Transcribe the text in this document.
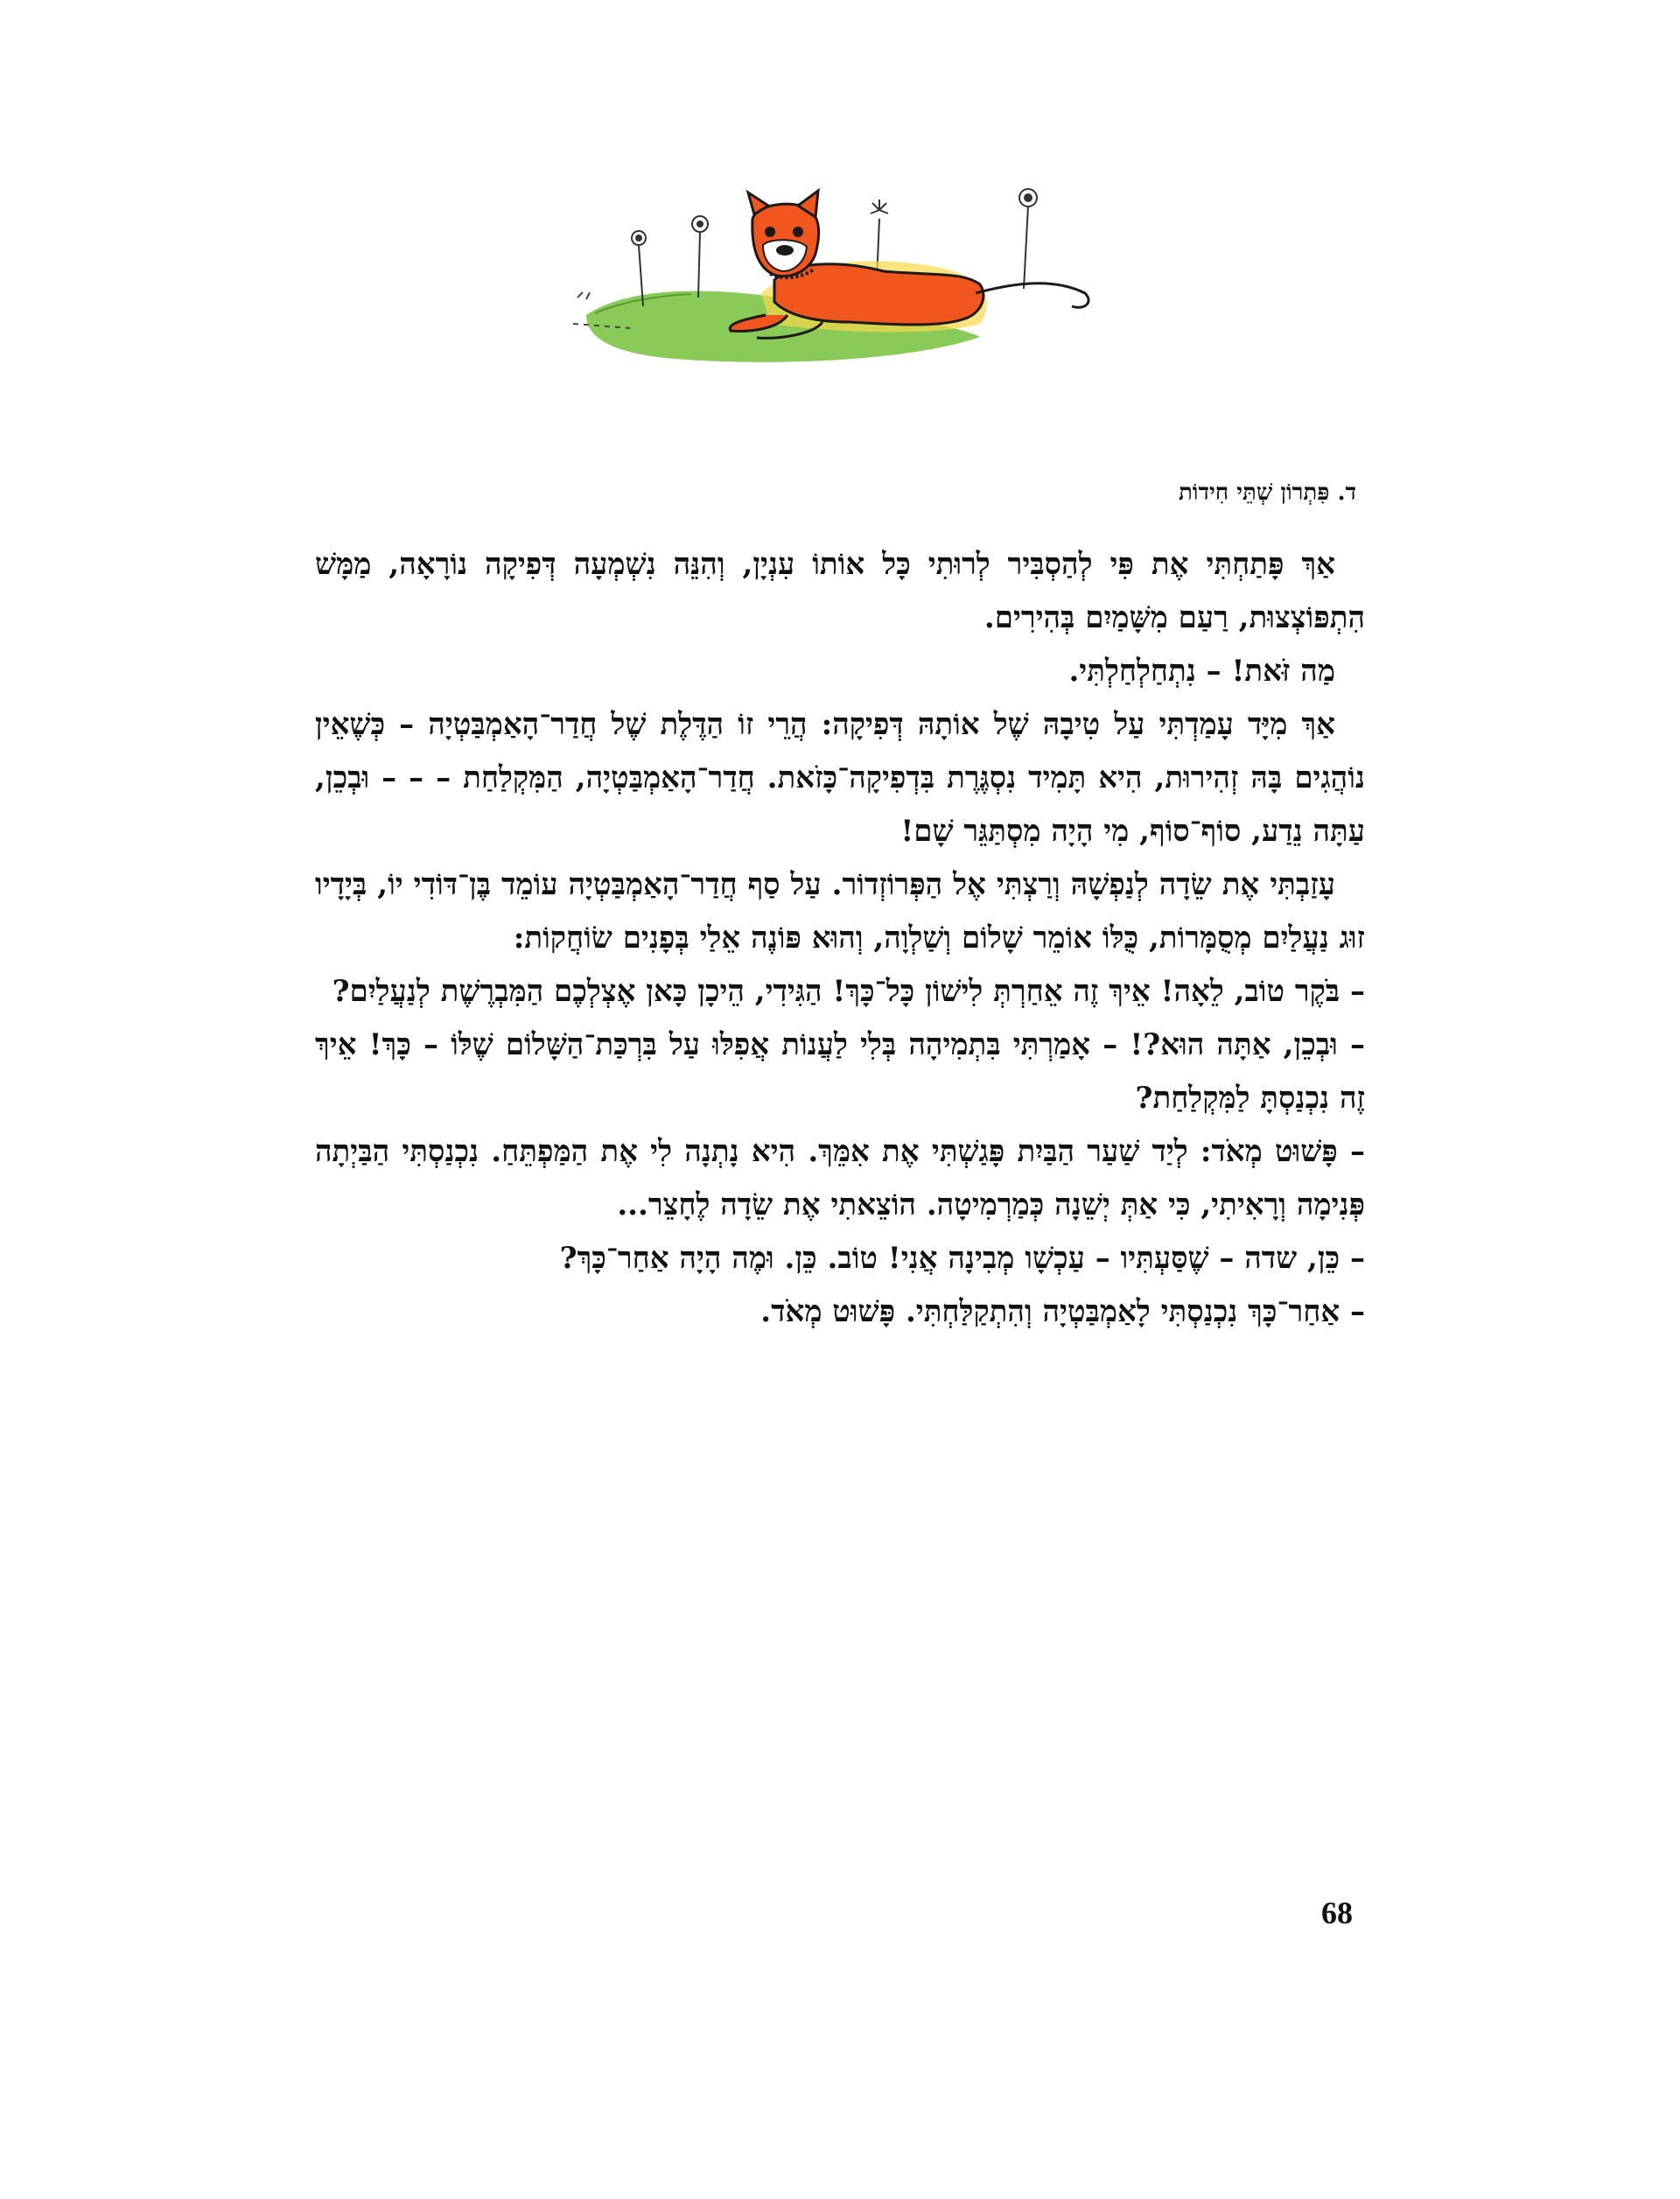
ד. פִּתְרוֹן שְׁתֵּי חִידוֹת

אַךְ פָּתַחְתִּי אֶת פִּי לְהַסְבִּיר לְרוּתִי כָּל אוֹתוֹ עִנְיָן, וְהִנֵּה נִשְׁמְעָה דְּפִיקָה נוֹרָאָה, מַמָּשׁ הִתְפּוֹצְצוּת, רַעַם מִשָּׁמַיִם בְּהִירִים.

מַה זֹּאת! – נִתְחַלְחַלְתִּי.

אַךְ מִיָּד עָמַדְתִּי עַל טִיבָהּ שֶׁל אוֹתָהּ דְּפִיקָה: הֲרֵי זוֹ הַדֶּלֶת שֶׁל חֲדַר־הָאַמְבַּטְיָה – כְּשֶׁאֵין נוֹהֲגִים בָּהּ זְהִירוּת, הִיא תָּמִיד נִסְגֶּרֶת בִּדְפִיקָה־כָּזֹאת. חֲדַר־הָאַמְבַּטְיָה, הַמִּקְלַחַת – – – וּבְכֵן, עַתָּה נֵדַע, סוֹף־סוֹף, מִי הָיָה מִסְתַּגֵּר שָׁם!

עָזַבְתִּי אֶת שֵׂדָה לְנַפְשָׁהּ וְרַצְתִּי אֶל הַפְּרוֹזְדוֹר. עַל סַף חֲדַר־הָאַמְבַּטְיָה עוֹמֵד בֶּן־דּוֹדִי יוֹ, בְּיָדָיו זוּג נַעֲלַיִם מְסֻמָּרוֹת, כֻּלּוֹ אוֹמֵר שָׁלוֹם וְשַׁלְוָה, וְהוּא פּוֹנֶה אֵלַי בְּפָנִים שׂוֹחֲקוֹת:

– בֹּקֶר טוֹב, לֵאָה! אֵיךְ זֶה אֵחַרְתְּ לִישׁוֹן כָּל־כָּךְ! הַגִּידִי, הֵיכָן כָּאן אֶצְלְכֶם הַמִּבְרֶשֶׁת לְנַעֲלַיִם?

– וּבְכֵן, אַתָּה הוּא?! – אָמַרְתִּי בִּתְמִיהָה בְּלִי לַעֲנוֹת אֲפִלּוּ עַל בִּרְכַּת־הַשָּׁלוֹם שֶׁלּוֹ – כָּךְ! אֵיךְ זֶה נִכְנַסְתָּ לַמִּקְלַחַת?

– פָּשׁוּט מְאֹד: לְיַד שַׁעַר הַבַּיִת פָּגַשְׁתִּי אֶת אִמֵּךְ. הִיא נָתְנָה לִי אֶת הַמַּפְתֵּחַ. נִכְנַסְתִּי הַבַּיְתָה פְּנִימָה וְרָאִיתִי, כִּי אַתְּ יְשֵׁנָה כְּמַרְמִיטָה. הוֹצֵאתִי אֶת שֵׂדָה לֶחָצֵר...

– כֵּן, שדה – שֶׁסַּעְתִּיו – עַכְשָׁו מְבִינָה אֲנִי! טוֹב. כֵּן. וּמֶה הָיָה אַחַר־כָּךְ?

– אַחַר־כָּךְ נִכְנַסְתִּי לָאַמְבַּטְיָה וְהִתְקַלַּחְתִּי. פָּשׁוּט מְאֹד.

68
